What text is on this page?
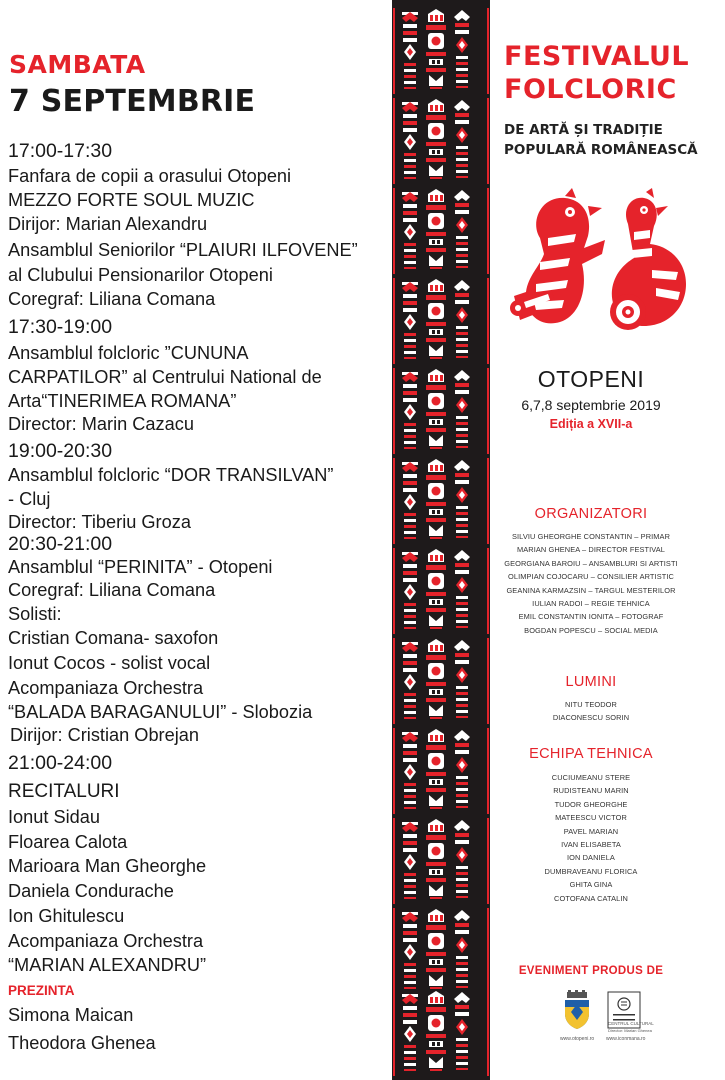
SAMBATA
7 SEPTEMBRIE
17:00-17:30
Fanfara de copii a orasului Otopeni
MEZZO FORTE SOUL MUZIC
Dirijor: Marian Alexandru
Ansamblul Seniorilor “PLAIURI ILFOVENE”
al Clubului Pensionarilor Otopeni
Coregraf: Liliana Comana
17:30-19:00
Ansamblul folcloric ”CUNUNA
CARPATILOR” al Centrului National de
Arta“TINERIMEA ROMANA”
Director: Marin Cazacu
19:00-20:30
Ansamblul folcloric “DOR TRANSILVAN”
- Cluj
Director: Tiberiu Groza
20:30-21:00
Ansamblul “PERINITA” - Otopeni
Coregraf: Liliana Comana
Solisti:
Cristian Comana- saxofon
Ionut Cocos - solist vocal
Acompaniaza Orchestra
“BALADA BARAGANULUI” - Slobozia
Dirijor: Cristian Obrejan
21:00-24:00
RECITALURI
Ionut Sidau
Floarea Calota
Marioara Man Gheorghe
Daniela Condurache
Ion Ghitulescu
Acompaniaza Orchestra
“MARIAN ALEXANDRU”
PREZINTA
Simona Maican
Theodora Ghenea
FESTIVALUL
FOLCLORIC
DE ARTĂ ȘI TRADIȚIE
POPULARĂ ROMÂNEASCĂ
OTOPENI
6,7,8 septembrie 2019
Ediția a XVII-a
ORGANIZATORI
SILVIU GHEORGHE CONSTANTIN – PRIMAR
MARIAN GHENEA – DIRECTOR FESTIVAL
GEORGIANA BAROIU – ANSAMBLURI SI ARTISTI
OLIMPIAN COJOCARU – CONSILIER ARTISTIC
GEANINA KARMAZSIN – TARGUL MESTERILOR
IULIAN RADOI – REGIE TEHNICA
EMIL CONSTANTIN IONITA – FOTOGRAF
BOGDAN POPESCU – SOCIAL MEDIA
LUMINI
NITU TEODOR
DIACONESCU SORIN
ECHIPA TEHNICA
CUCIUMEANU STERE
RUDISTEANU MARIN
TUDOR GHEORGHE
MATEESCU VICTOR
PAVEL MARIAN
IVAN ELISABETA
ION DANIELA
DUMBRAVEANU FLORICA
GHITA GINA
COTOFANA CATALIN
EVENIMENT PRODUS DE
www.otopeni.ro
CENTRUL CULTURAL
Director: Marian Ghenea
www.iconmana.ro
